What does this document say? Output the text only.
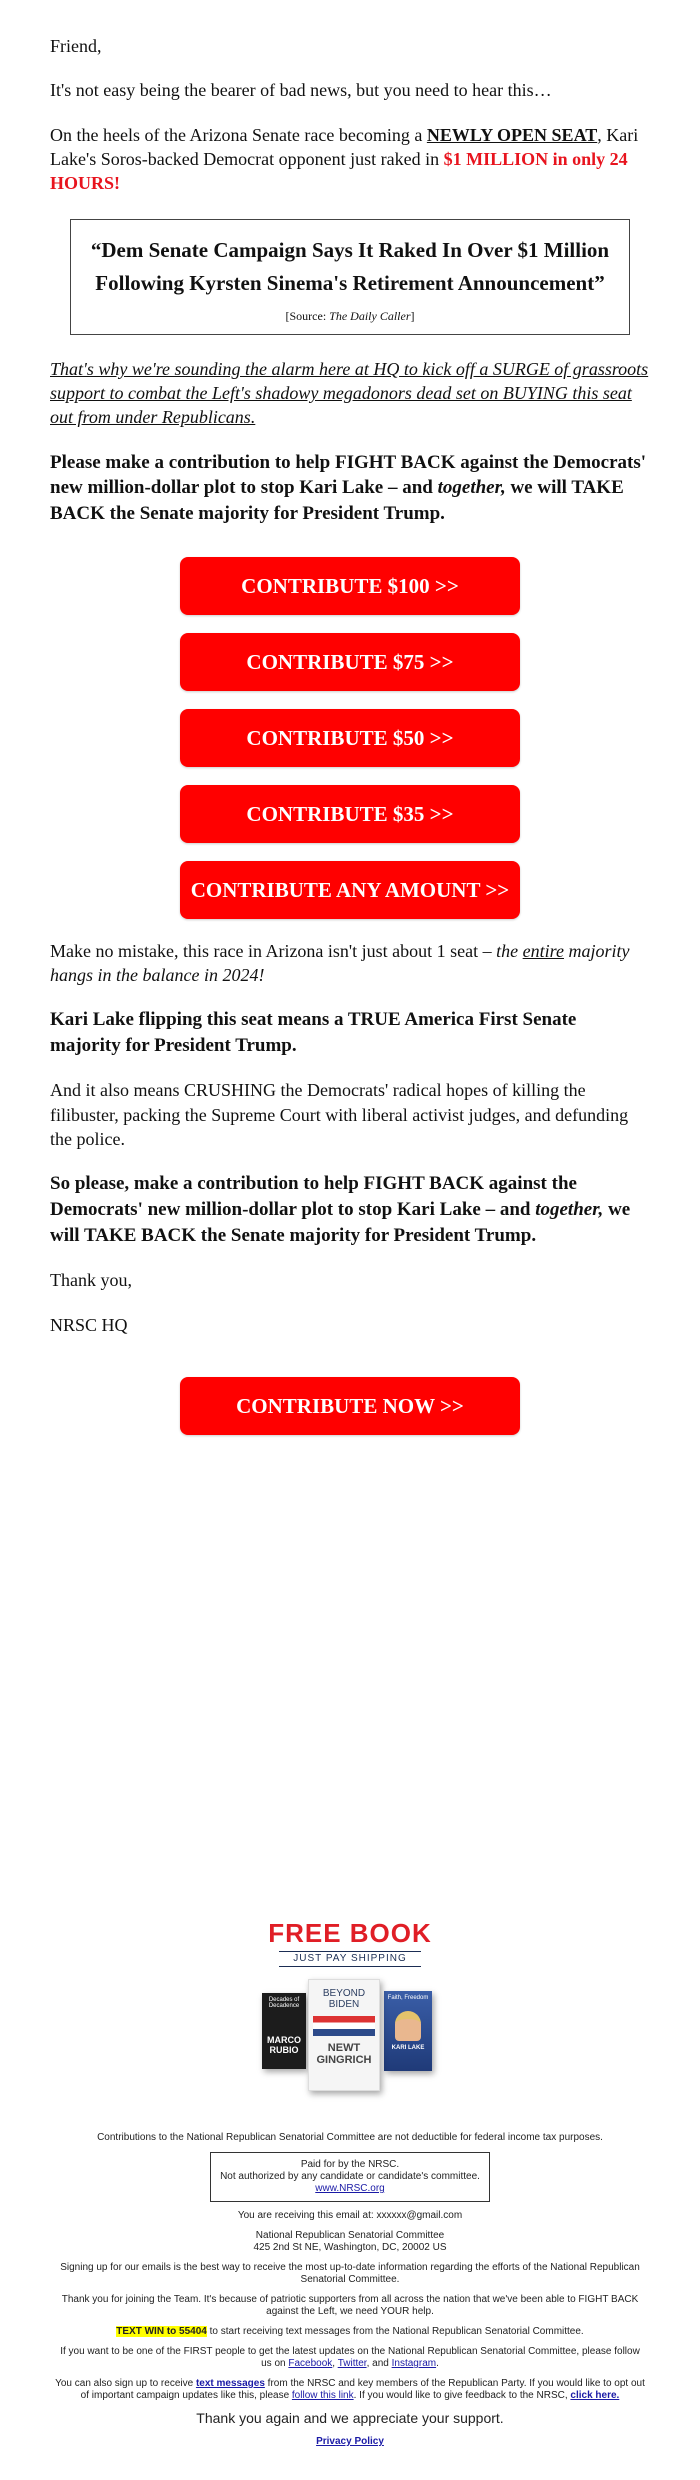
Friend,

It's not easy being the bearer of bad news, but you need to hear this…

On the heels of the Arizona Senate race becoming a NEWLY OPEN SEAT, Kari Lake's Soros-backed Democrat opponent just raked in $1 MILLION in only 24 HOURS!

“Dem Senate Campaign Says It Raked In Over $1 Million Following Kyrsten Sinema's Retirement Announcement”

[Source: The Daily Caller]

That's why we're sounding the alarm here at HQ to kick off a SURGE of grassroots support to combat the Left's shadowy megadonors dead set on BUYING this seat out from under Republicans.

Please make a contribution to help FIGHT BACK against the Democrats' new million-dollar plot to stop Kari Lake – and together, we will TAKE BACK the Senate majority for President Trump.

CONTRIBUTE $100 >>
CONTRIBUTE $75 >>
CONTRIBUTE $50 >>
CONTRIBUTE $35 >>
CONTRIBUTE ANY AMOUNT >>

Make no mistake, this race in Arizona isn't just about 1 seat – the entire majority hangs in the balance in 2024!

Kari Lake flipping this seat means a TRUE America First Senate majority for President Trump.

And it also means CRUSHING the Democrats' radical hopes of killing the filibuster, packing the Supreme Court with liberal activist judges, and defunding the police.

So please, make a contribution to help FIGHT BACK against the Democrats' new million-dollar plot to stop Kari Lake – and together, we will TAKE BACK the Senate majority for President Trump.

Thank you,

NRSC HQ

CONTRIBUTE NOW >>
FREE BOOK
JUST PAY SHIPPING
Decades of Decadence
MARCO RUBIO
Faith, Freedom
KARI LAKE
BEYOND BIDEN
NEWT GINGRICH

Contributions to the National Republican Senatorial Committee are not deductible for federal income tax purposes.

Paid for by the NRSC.
Not authorized by any candidate or candidate's committee.
www.NRSC.org

You are receiving this email at: xxxxxx@gmail.com

National Republican Senatorial Committee

425 2nd St NE, Washington, DC, 20002 US

Signing up for our emails is the best way to receive the most up-to-date information regarding the efforts of the National Republican Senatorial Committee.

Thank you for joining the Team. It's because of patriotic supporters from all across the nation that we've been able to FIGHT BACK against the Left, we need YOUR help.

TEXT WIN to 55404 to start receiving text messages from the National Republican Senatorial Committee.

If you want to be one of the FIRST people to get the latest updates on the National Republican Senatorial Committee, please follow us on Facebook, Twitter, and Instagram.

You can also sign up to receive text messages from the NRSC and key members of the Republican Party. If you would like to opt out of important campaign updates like this, please follow this link. If you would like to give feedback to the NRSC, click here.

Thank you again and we appreciate your support.

Privacy Policy
